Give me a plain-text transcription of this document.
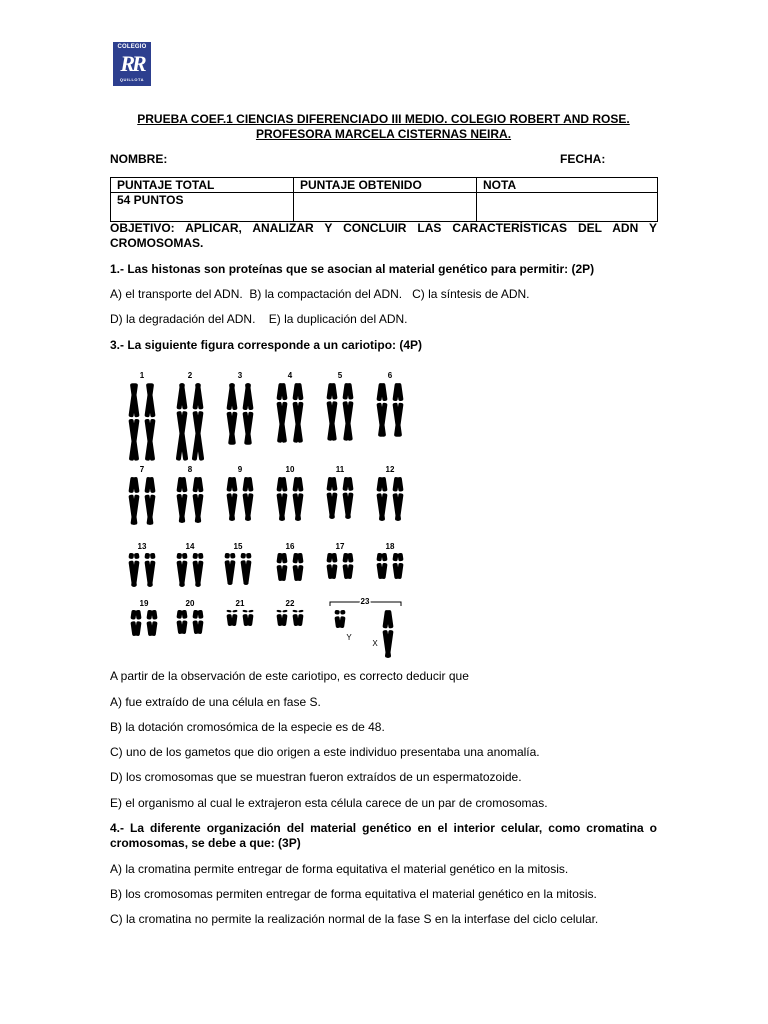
COLEGIO
RR
QUILLOTA
PRUEBA COEF.1 CIENCIAS DIFERENCIADO III MEDIO. COLEGIO ROBERT AND ROSE.
PROFESORA MARCELA CISTERNAS NEIRA.
NOMBRE:	FECHA:
PUNTAJE TOTAL	PUNTAJE OBTENIDO	NOTA
54 PUNTOS		
OBJETIVO: APLICAR, ANALIZAR Y CONCLUIR LAS CARACTERÍSTICAS DEL ADN Y CROMOSOMAS.
1.- Las histonas son proteínas que se asocian al material genético para permitir: (2P)
A) el transporte del ADN.  B) la compactación del ADN.   C) la síntesis de ADN.
D) la degradación del ADN.    E) la duplicación del ADN.
3.- La siguiente figura corresponde a un cariotipo: (4P)
1	2	3	4	5	6
7	8	9	10	11	12
13	14	15	16	17	18
19	20	21	22	23
Y
X
A partir de la observación de este cariotipo, es correcto deducir que
A) fue extraído de una célula en fase S.
B) la dotación cromosómica de la especie es de 48.
C) uno de los gametos que dio origen a este individuo presentaba una anomalía.
D) los cromosomas que se muestran fueron extraídos de un espermatozoide.
E) el organismo al cual le extrajeron esta célula carece de un par de cromosomas.
4.- La diferente organización del material genético en el interior celular, como cromatina o cromosomas, se debe a que: (3P)
A) la cromatina permite entregar de forma equitativa el material genético en la mitosis.
B) los cromosomas permiten entregar de forma equitativa el material genético en la mitosis.
C) la cromatina no permite la realización normal de la fase S en la interfase del ciclo celular.
